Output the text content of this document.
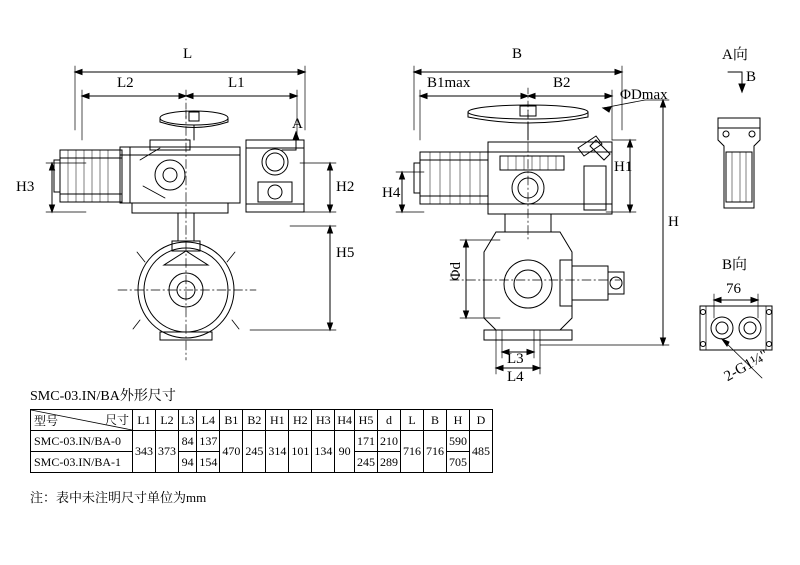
L
L2	L1
H3	H2
H5
A
B
B1max	B2
ΦDmax
H1
H4
H
Φd
L3
L4
A向
B
B向
76
2-G1¼"
SMC-03.IN/BA外形尺寸
尺寸
型号	L1	L2	L3	L4	B1	B2	H1	H2	H3	H4	H5	d	L	B	H	D
SMC-03.IN/BA-0	343	373	84	137	470	245	314	101	134	90	171	210	716	716	590	485
SMC-03.IN/BA-1			94	154							245	289			705	
注：表中未注明尺寸单位为mm
